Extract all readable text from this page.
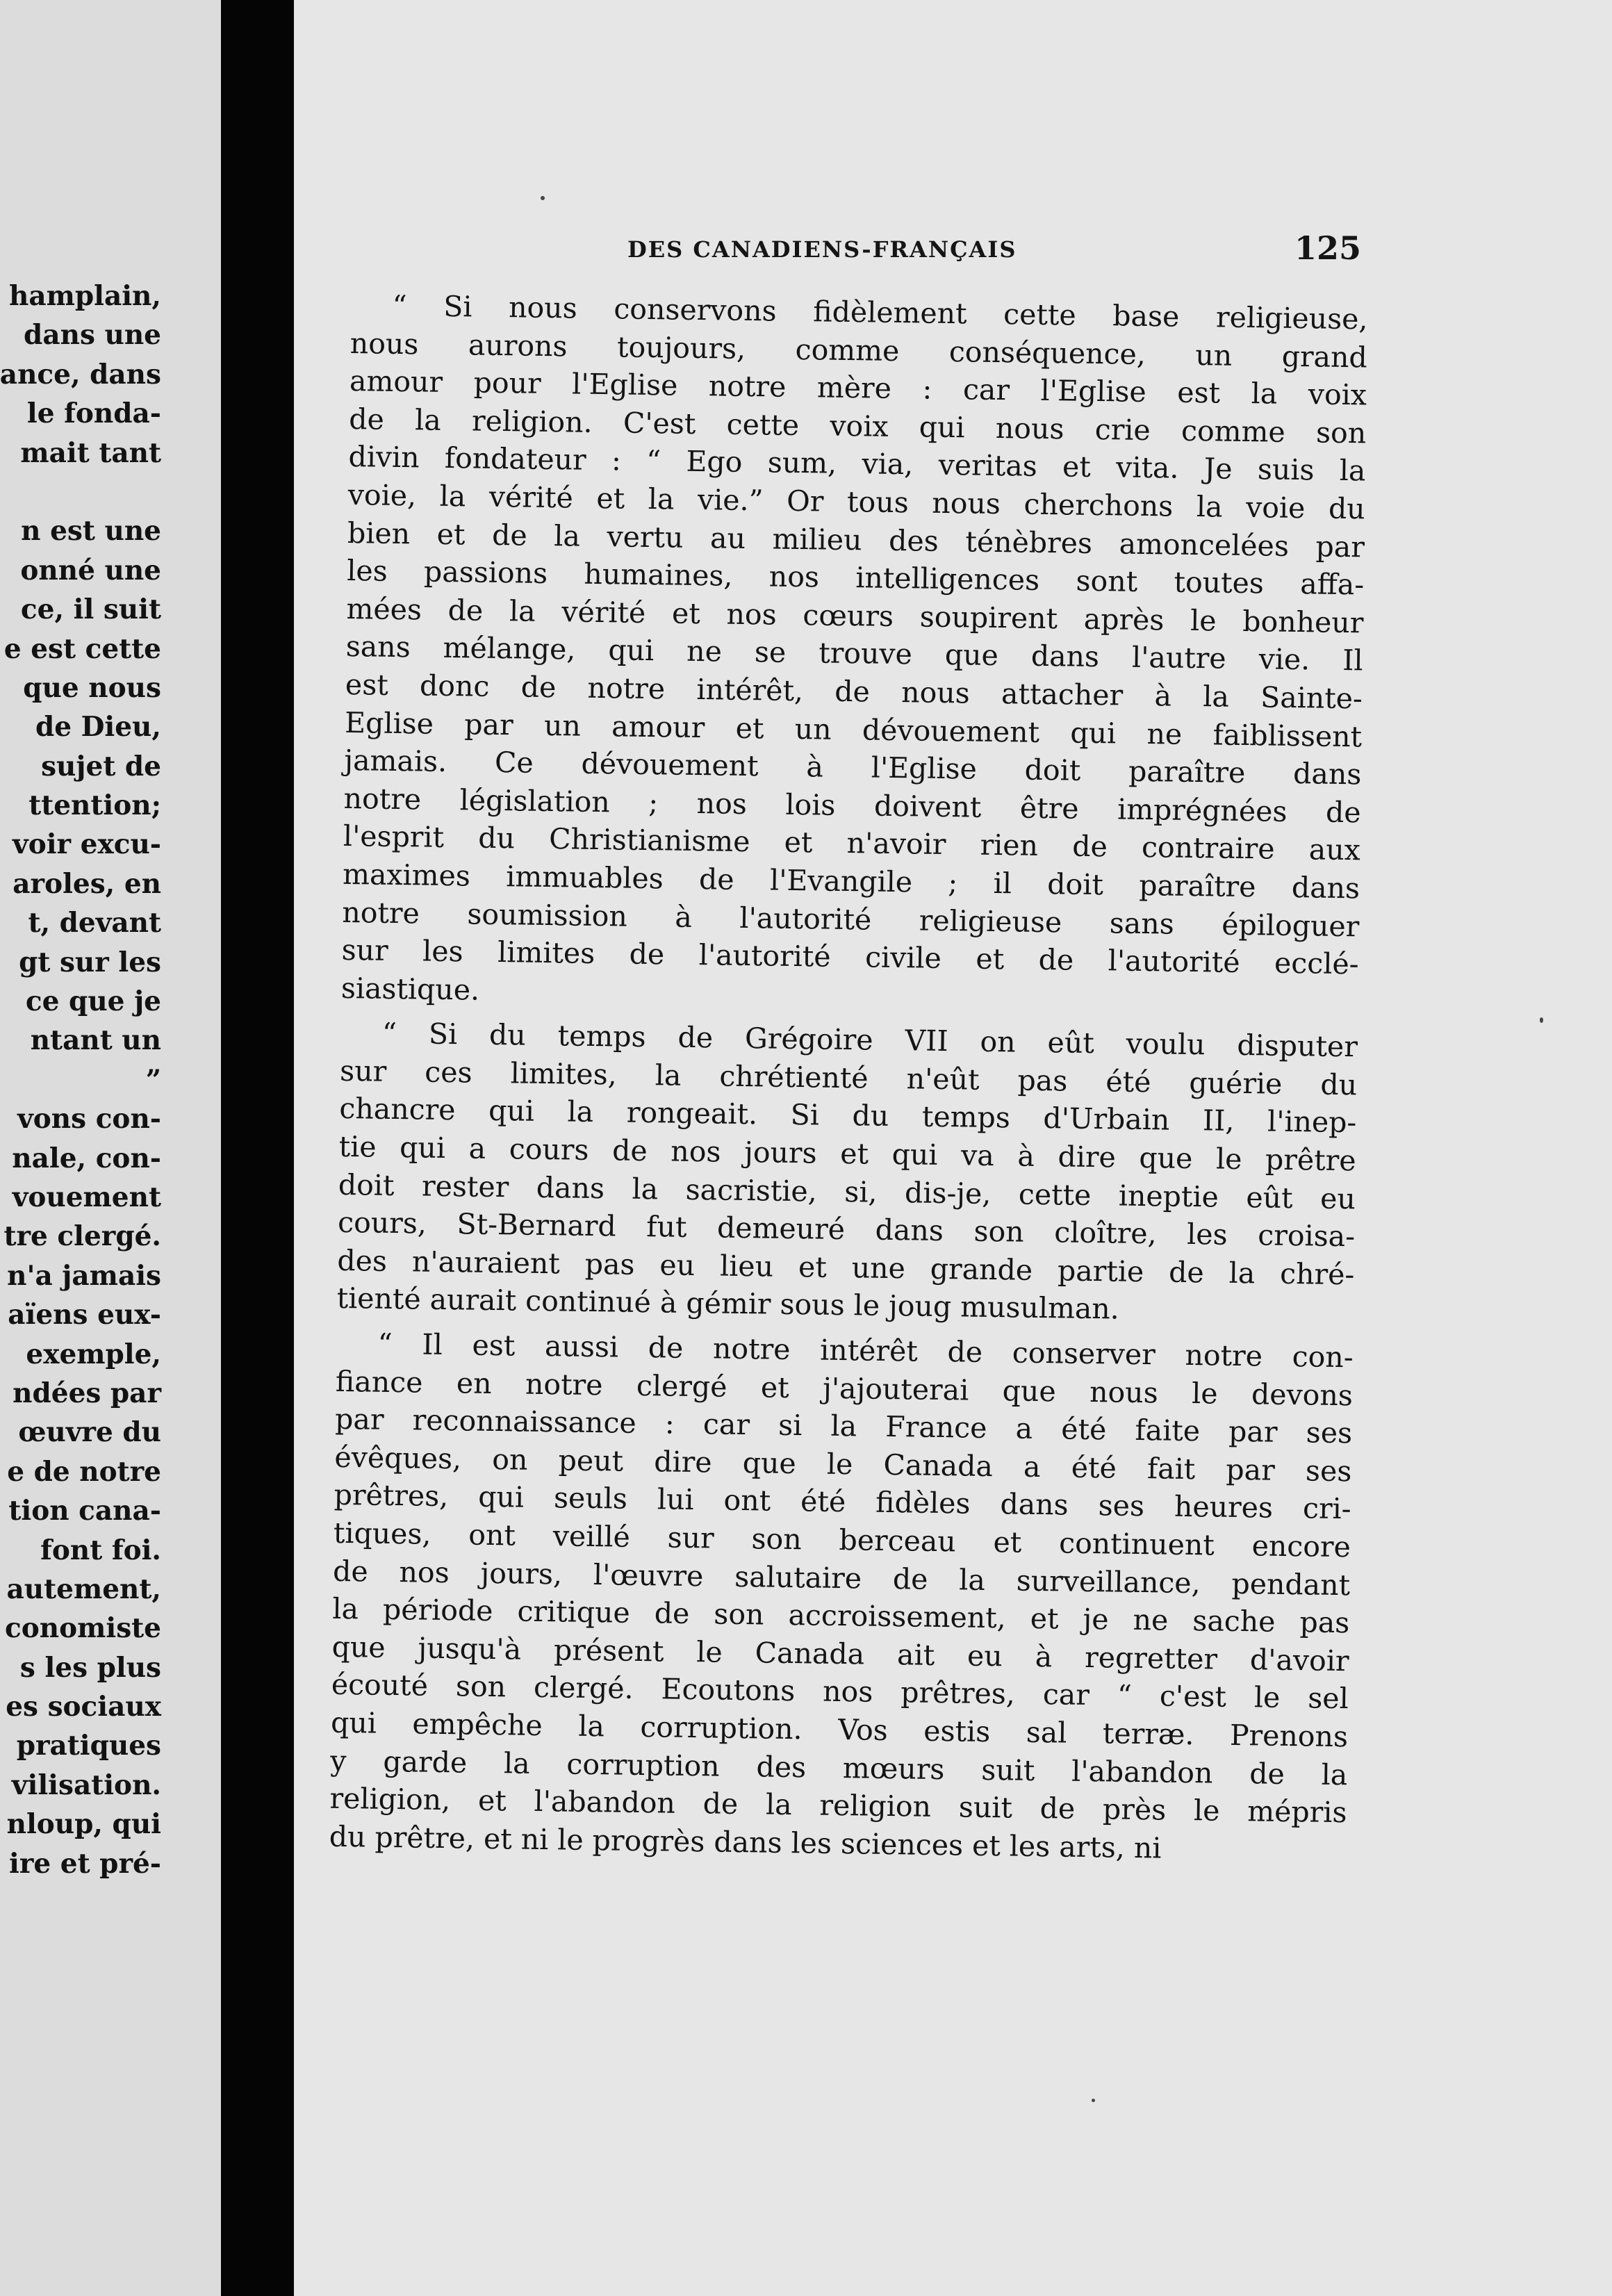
hamplain,
dans une
ance, dans
le fonda-
mait tant
n est une
onné une
ce, il suit
e est cette
que nous
de Dieu,
sujet de
ttention;
voir excu-
aroles, en
t, devant
gt sur les
ce que je
ntant un
”
vons con-
nale, con-
vouement
tre clergé.
n'a jamais
aïens eux-
exemple,
ndées par
œuvre du
e de notre
tion cana-
font foi.
autement,
conomiste
s les plus
es sociaux
pratiques
vilisation.
nloup, qui
ire et pré-
DES CANADIENS-FRANÇAIS	125
“ Si nous conservons fidèlement cette base religieuse,
nous aurons toujours, comme conséquence, un grand
amour pour l'Eglise notre mère : car l'Eglise est la voix
de la religion. C'est cette voix qui nous crie comme son
divin fondateur : “ Ego sum, via, veritas et vita. Je suis la
voie, la vérité et la vie.” Or tous nous cherchons la voie du
bien et de la vertu au milieu des ténèbres amoncelées par
les passions humaines, nos intelligences sont toutes affa-
mées de la vérité et nos cœurs soupirent après le bonheur
sans mélange, qui ne se trouve que dans l'autre vie. Il
est donc de notre intérêt, de nous attacher à la Sainte-
Eglise par un amour et un dévouement qui ne faiblissent
jamais. Ce dévouement à l'Eglise doit paraître dans
notre législation ; nos lois doivent être imprégnées de
l'esprit du Christianisme et n'avoir rien de contraire aux
maximes immuables de l'Evangile ; il doit paraître dans
notre soumission à l'autorité religieuse sans épiloguer
sur les limites de l'autorité civile et de l'autorité ecclé-
siastique.
“ Si du temps de Grégoire VII on eût voulu disputer
sur ces limites, la chrétienté n'eût pas été guérie du
chancre qui la rongeait. Si du temps d'Urbain II, l'inep-
tie qui a cours de nos jours et qui va à dire que le prêtre
doit rester dans la sacristie, si, dis-je, cette ineptie eût eu
cours, St-Bernard fut demeuré dans son cloître, les croisa-
des n'auraient pas eu lieu et une grande partie de la chré-
tienté aurait continué à gémir sous le joug musulman.
“ Il est aussi de notre intérêt de conserver notre con-
fiance en notre clergé et j'ajouterai que nous le devons
par reconnaissance : car si la France a été faite par ses
évêques, on peut dire que le Canada a été fait par ses
prêtres, qui seuls lui ont été fidèles dans ses heures cri-
tiques, ont veillé sur son berceau et continuent encore
de nos jours, l'œuvre salutaire de la surveillance, pendant
la période critique de son accroissement, et je ne sache pas
que jusqu'à présent le Canada ait eu à regretter d'avoir
écouté son clergé. Ecoutons nos prêtres, car “ c'est le sel
qui empêche la corruption. Vos estis sal terræ. Prenons
y garde la corruption des mœurs suit l'abandon de la
religion, et l'abandon de la religion suit de près le mépris
du prêtre, et ni le progrès dans les sciences et les arts, ni
